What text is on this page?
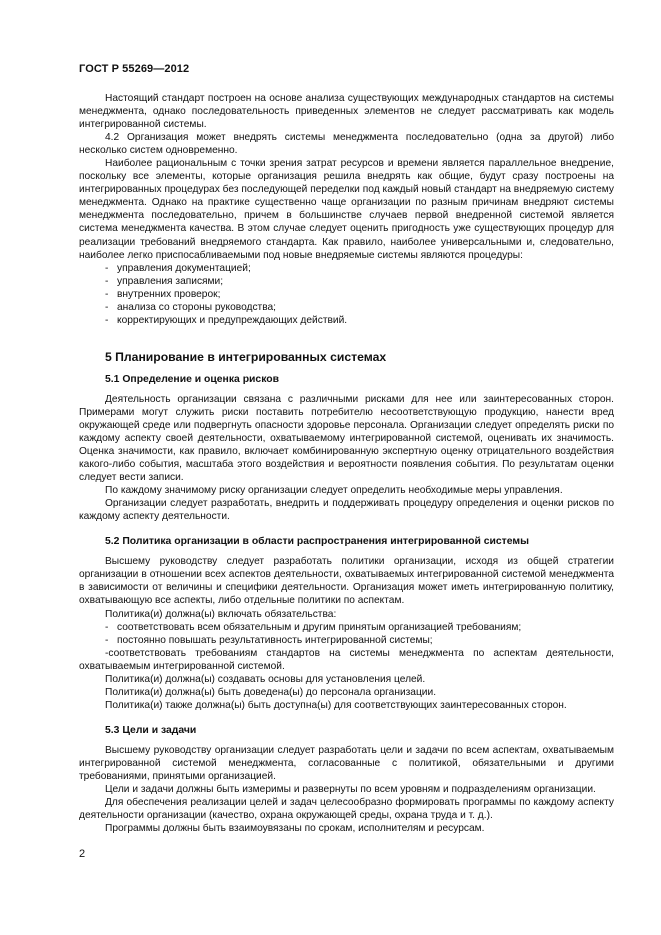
ГОСТ Р 55269—2012

Настоящий стандарт построен на основе анализа существующих международных стандартов на системы менеджмента, однако последовательность приведенных элементов не следует рассматривать как модель интегрированной системы.

4.2 Организация может внедрять системы менеджмента последовательно (одна за другой) либо несколько систем одновременно.

Наиболее рациональным с точки зрения затрат ресурсов и времени является параллельное внедрение, поскольку все элементы, которые организация решила внедрять как общие, будут сразу построены на интегрированных процедурах без последующей переделки под каждый новый стандарт на внедряемую систему менеджмента. Однако на практике существенно чаще организации по разным причинам внедряют системы менеджмента последовательно, причем в большинстве случаев первой внедренной системой является система менеджмента качества. В этом случае следует оценить пригодность уже существующих процедур для реализации требований внедряемого стандарта. Как правило, наиболее универсальными и, следовательно, наиболее легко приспосабливаемыми под новые внедряемые системы являются процедуры:

- управления документацией;
- управления записями;
- внутренних проверок;
- анализа со стороны руководства;
- корректирующих и предупреждающих действий.
5 Планирование в интегрированных системах
5.1 Определение и оценка рисков

Деятельность организации связана с различными рисками для нее или заинтересованных сторон. Примерами могут служить риски поставить потребителю несоответствующую продукцию, нанести вред окружающей среде или подвергнуть опасности здоровье персонала. Организации следует определять риски по каждому аспекту своей деятельности, охватываемому интегрированной системой, оценивать их значимость. Оценка значимости, как правило, включает комбинированную экспертную оценку отрицательного воздействия какого-либо события, масштаба этого воздействия и вероятности появления события. По результатам оценки следует вести записи.

По каждому значимому риску организации следует определить необходимые меры управления.

Организации следует разработать, внедрить и поддерживать процедуру определения и оценки рисков по каждому аспекту деятельности.

5.2 Политика организации в области распространения интегрированной системы

Высшему руководству следует разработать политики организации, исходя из общей стратегии организации в отношении всех аспектов деятельности, охватываемых интегрированной системой менеджмента в зависимости от величины и специфики деятельности. Организация может иметь интегрированную политику, охватывающую все аспекты, либо отдельные политики по аспектам.

Политика(и) должна(ы) включать обязательства:

- соответствовать всем обязательным и другим принятым организацией требованиям;
- постоянно повышать результативность интегрированной системы;

-соответствовать требованиям стандартов на системы менеджмента по аспектам деятельности, охватываемым интегрированной системой.

Политика(и) должна(ы) создавать основы для установления целей.

Политика(и) должна(ы) быть доведена(ы) до персонала организации.

Политика(и) также должна(ы) быть доступна(ы) для соответствующих заинтересованных сторон.

5.3 Цели и задачи

Высшему руководству организации следует разработать цели и задачи по всем аспектам, охватываемым интегрированной системой менеджмента, согласованные с политикой, обязательными и другими требованиями, принятыми организацией.

Цели и задачи должны быть измеримы и развернуты по всем уровням и подразделениям организации.

Для обеспечения реализации целей и задач целесообразно формировать программы по каждому аспекту деятельности организации (качество, охрана окружающей среды, охрана труда и т. д.).

Программы должны быть взаимоувязаны по срокам, исполнителям и ресурсам.

2
